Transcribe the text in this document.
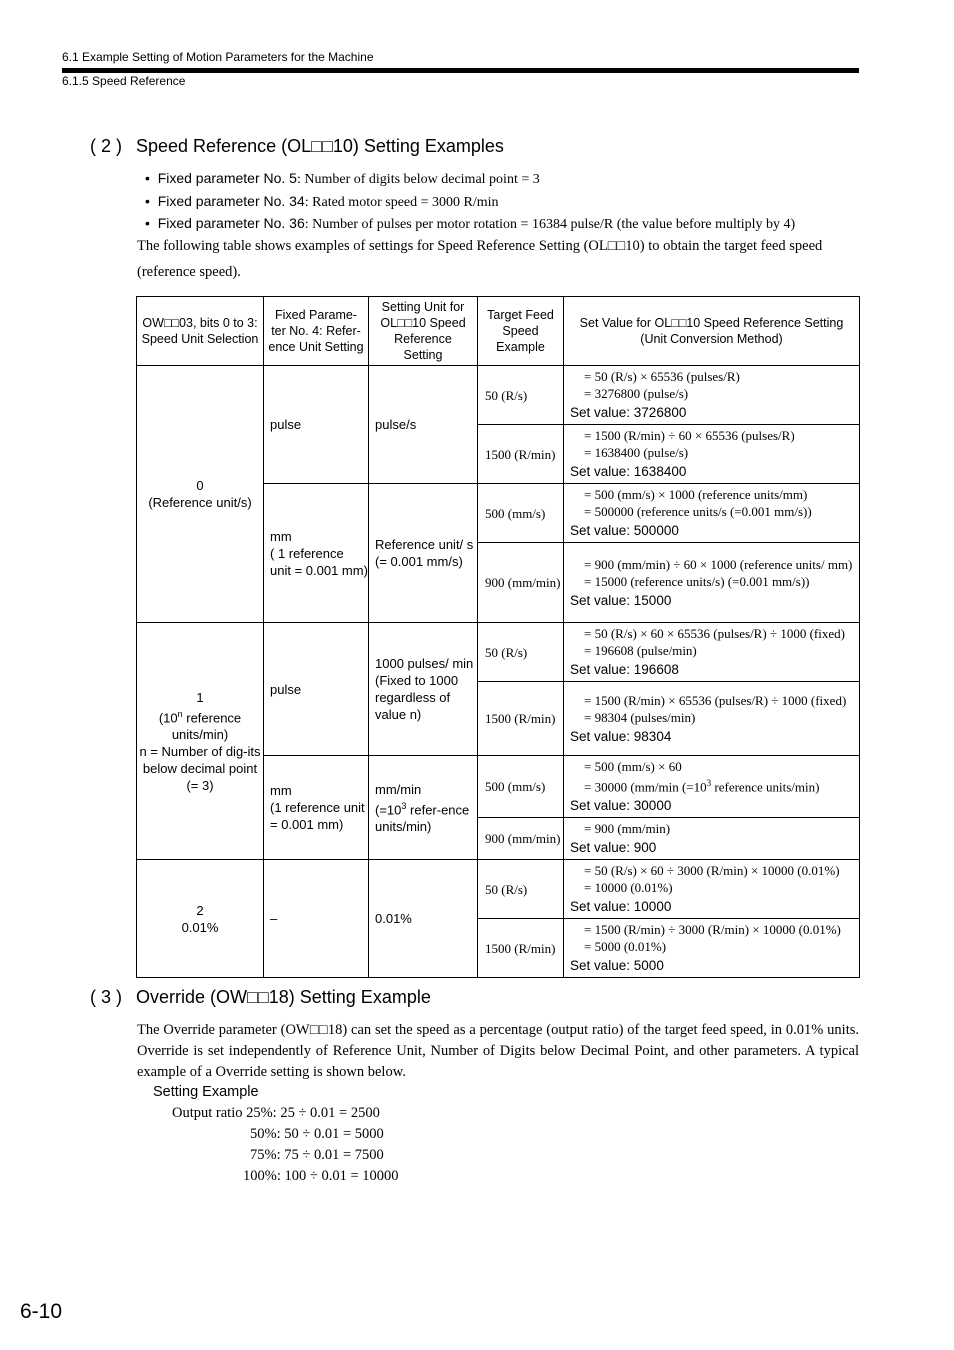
6.1 Example Setting of Motion Parameters for the Machine
6.1.5 Speed Reference
( 2 ) Speed Reference (OL□□10) Setting Examples
•  Fixed parameter No. 5: Number of digits below decimal point = 3
•  Fixed parameter No. 34: Rated motor speed = 3000 R/min
•  Fixed parameter No. 36: Number of pulses per motor rotation = 16384 pulse/R (the value before multiply by 4)
The following table shows examples of settings for Speed Reference Setting (OL□□10) to obtain the target feed speed
(reference speed).
OW□□03, bits 0 to 3:
Speed Unit Selection	Fixed Parame-ter No. 4: Refer-ence Unit Setting	Setting Unit for OL□□10 Speed Reference Setting	Target Feed Speed Example	Set Value for OL□□10 Speed Reference Setting
(Unit Conversion Method)
0
(Reference unit/s)	pulse	pulse/s	50 (R/s)	= 50 (R/s) × 65536 (pulses/R)
= 3276800 (pulse/s)
Set value: 3726800

			1500 (R/min)	= 1500 (R/min) ÷ 60 × 65536 (pulses/R)
= 1638400 (pulse/s)
Set value: 1638400

	mm
( 1 reference unit = 0.001 mm)	Reference unit/ s (= 0.001 mm/s)	500 (mm/s)	= 500 (mm/s) × 1000 (reference units/mm)
= 500000 (reference units/s (=0.001 mm/s))
Set value: 500000

			900 (mm/min)	= 900 (mm/min) ÷ 60 × 1000 (reference units/ mm)
= 15000 (reference units/s) (=0.001 mm/s))
Set value: 15000

1
(10$^n$ reference units/min)
n = Number of dig-its below decimal point (= 3)	pulse	1000 pulses/ min
(Fixed to 1000 regardless of value n)	50 (R/s)	= 50 (R/s) × 60 × 65536 (pulses/R) ÷ 1000 (fixed)
= 196608 (pulse/min)
Set value: 196608

			1500 (R/min)	= 1500 (R/min) × 65536 (pulses/R) ÷ 1000 (fixed)
= 98304 (pulses/min)
Set value: 98304

	mm
(1 reference unit = 0.001 mm)	mm/min
($=10^3$ refer-ence units/min)	500 (mm/s)	= 500 (mm/s) × 60
= 30000 (mm/min ($=10^3$ reference units/min)
Set value: 30000

			900 (mm/min)	= 900 (mm/min)
Set value: 900

2
0.01%	–	0.01%	50 (R/s)	= 50 (R/s) × 60 ÷ 3000 (R/min) × 10000 (0.01%)
= 10000 (0.01%)
Set value: 10000

			1500 (R/min)	= 1500 (R/min) ÷ 3000 (R/min) × 10000 (0.01%)
= 5000 (0.01%)
Set value: 5000
( 3 ) Override (OW□□18) Setting Example
The Override parameter (OW□□18) can set the speed as a percentage (output ratio) of the target feed speed, in 0.01% units. Override is set independently of Reference Unit, Number of Digits below Decimal Point, and other parameters. A typical example of a Override setting is shown below.
Setting Example
Output ratio 25%: 25 ÷ 0.01 = 2500
50%: 50 ÷ 0.01 = 5000
75%: 75 ÷ 0.01 = 7500
100%: 100 ÷ 0.01 = 10000
6-10
